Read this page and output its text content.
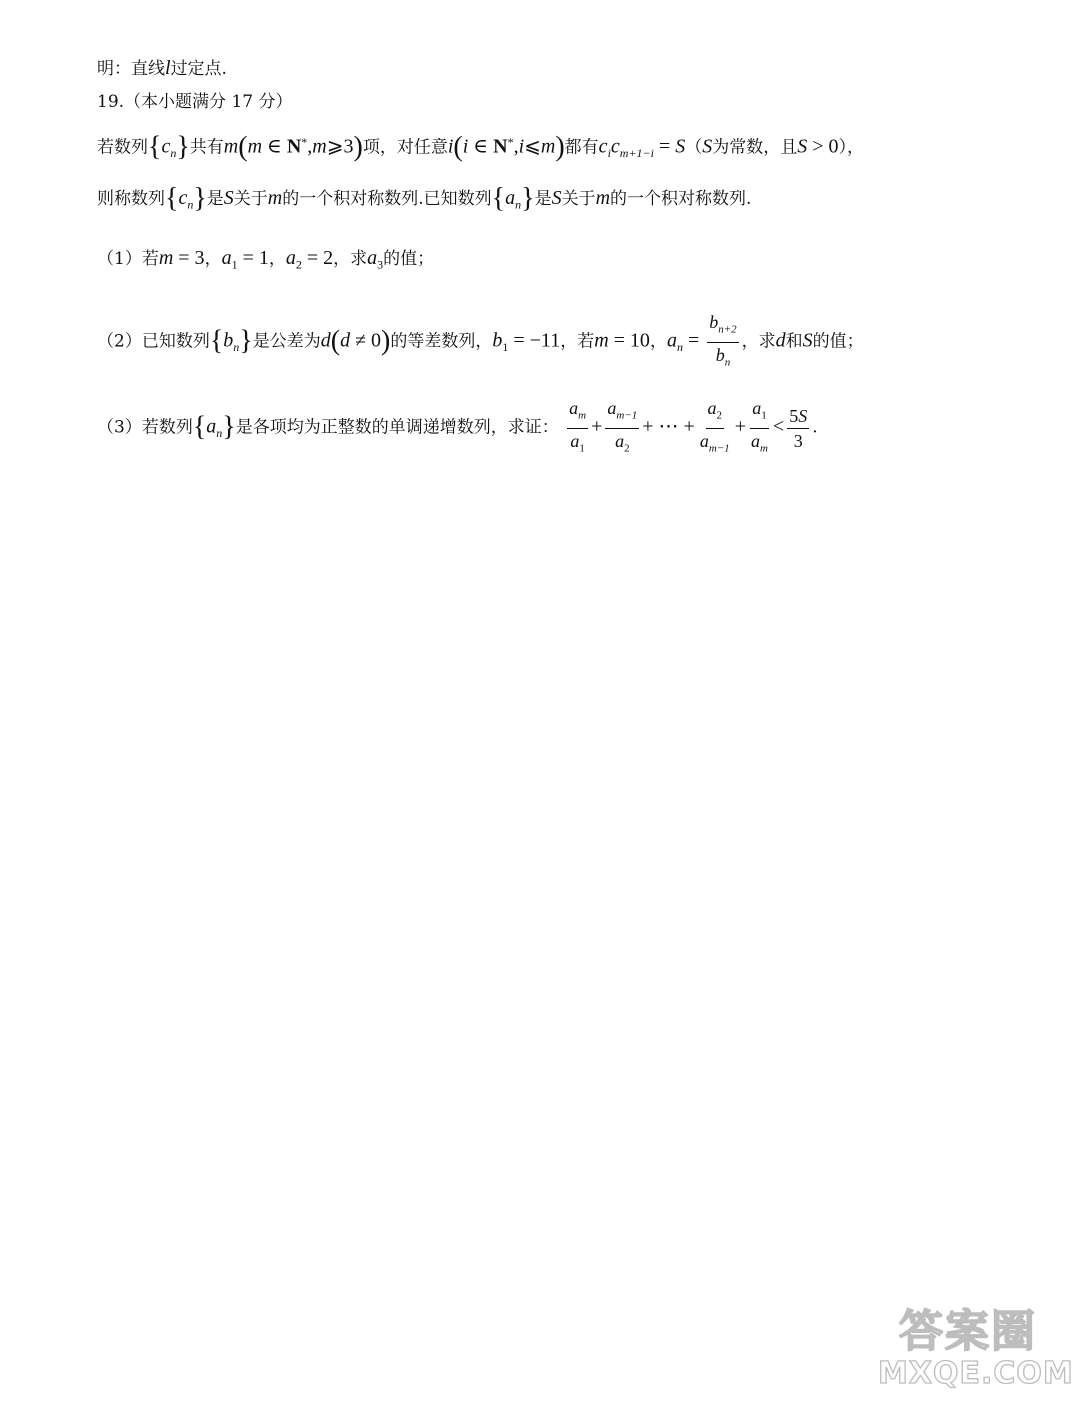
明：直线l过定点.
19.（本小题满分 17 分）
若数列$\{c_n\}$共有m(m ∈ N*,m⩾3)项，对任意i(i ∈ N*,i⩽m)都有$c_ic_{m+1-i} = S(S$为常数，且S > 0），
则称数列$\{c_n\}$是S关于m的一个积对称数列.已知数列$\{a_n\}$是S关于m的一个积对称数列.
（1）若m = 3，$a_1 = 1$，$a_2 = 2$，求$a_3$的值；
（2）已知数列$\{b_n\}$是公差为d(d ≠ 0)的等差数列，$b_1 = -11$，若m = 10，$a_n = \frac{b_{n+2}}{b_n}$ ，求d和S的值；
（3）若数列$\{a_n\}$是各项均为正整数的单调递增数列，求证： $\frac{a_m}{a_1} + \frac{a_{m-1}}{a_2}$ + ⋯ + $\frac{a_2}{a_{m-1}} + \frac{a_1}{a_m} < \frac{5S}{3}$ .
答案圈
MXQE.COM
